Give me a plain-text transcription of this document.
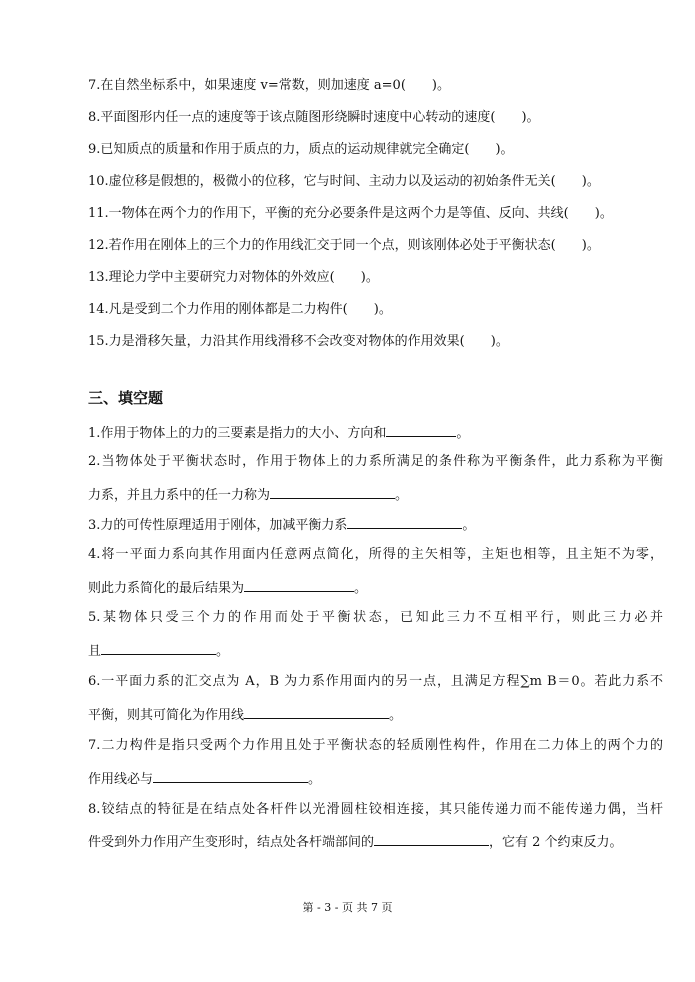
7.在自然坐标系中，如果速度 v=常数，则加速度 a=0(　　)。
8.平面图形内任一点的速度等于该点随图形绕瞬时速度中心转动的速度(　　)。
9.已知质点的质量和作用于质点的力，质点的运动规律就完全确定(　　)。
10.虚位移是假想的，极微小的位移，它与时间、主动力以及运动的初始条件无关(　　)。
11.一物体在两个力的作用下，平衡的充分必要条件是这两个力是等值、反向、共线(　　)。
12.若作用在刚体上的三个力的作用线汇交于同一个点，则该刚体必处于平衡状态(　　)。
13.理论力学中主要研究力对物体的外效应(　　)。
14.凡是受到二个力作用的刚体都是二力构件(　　)。
15.力是滑移矢量，力沿其作用线滑移不会改变对物体的作用效果(　　)。
三、填空题
1.作用于物体上的力的三要素是指力的大小、方向和	。
2.当物体处于平衡状态时，作用于物体上的力系所满足的条件称为平衡条件，此力系称为平衡
力系，并且力系中的任一力称为	。
3.力的可传性原理适用于刚体，加减平衡力系	。
4.将一平面力系向其作用面内任意两点简化，所得的主矢相等，主矩也相等，且主矩不为零，
则此力系简化的最后结果为	。
5.某物体只受三个力的作用而处于平衡状态，已知此三力不互相平行，则此三力必并
且	。
6.一平面力系的汇交点为 A，B 为力系作用面内的另一点，且满足方程∑m B＝0。若此力系不
平衡，则其可简化为作用线	。
7.二力构件是指只受两个力作用且处于平衡状态的轻质刚性构件，作用在二力体上的两个力的
作用线必与	。
8.铰结点的特征是在结点处各杆件以光滑圆柱铰相连接，其只能传递力而不能传递力偶，当杆
件受到外力作用产生变形时，结点处各杆端部间的	，它有 2 个约束反力。
第 - 3 - 页 共 7 页
